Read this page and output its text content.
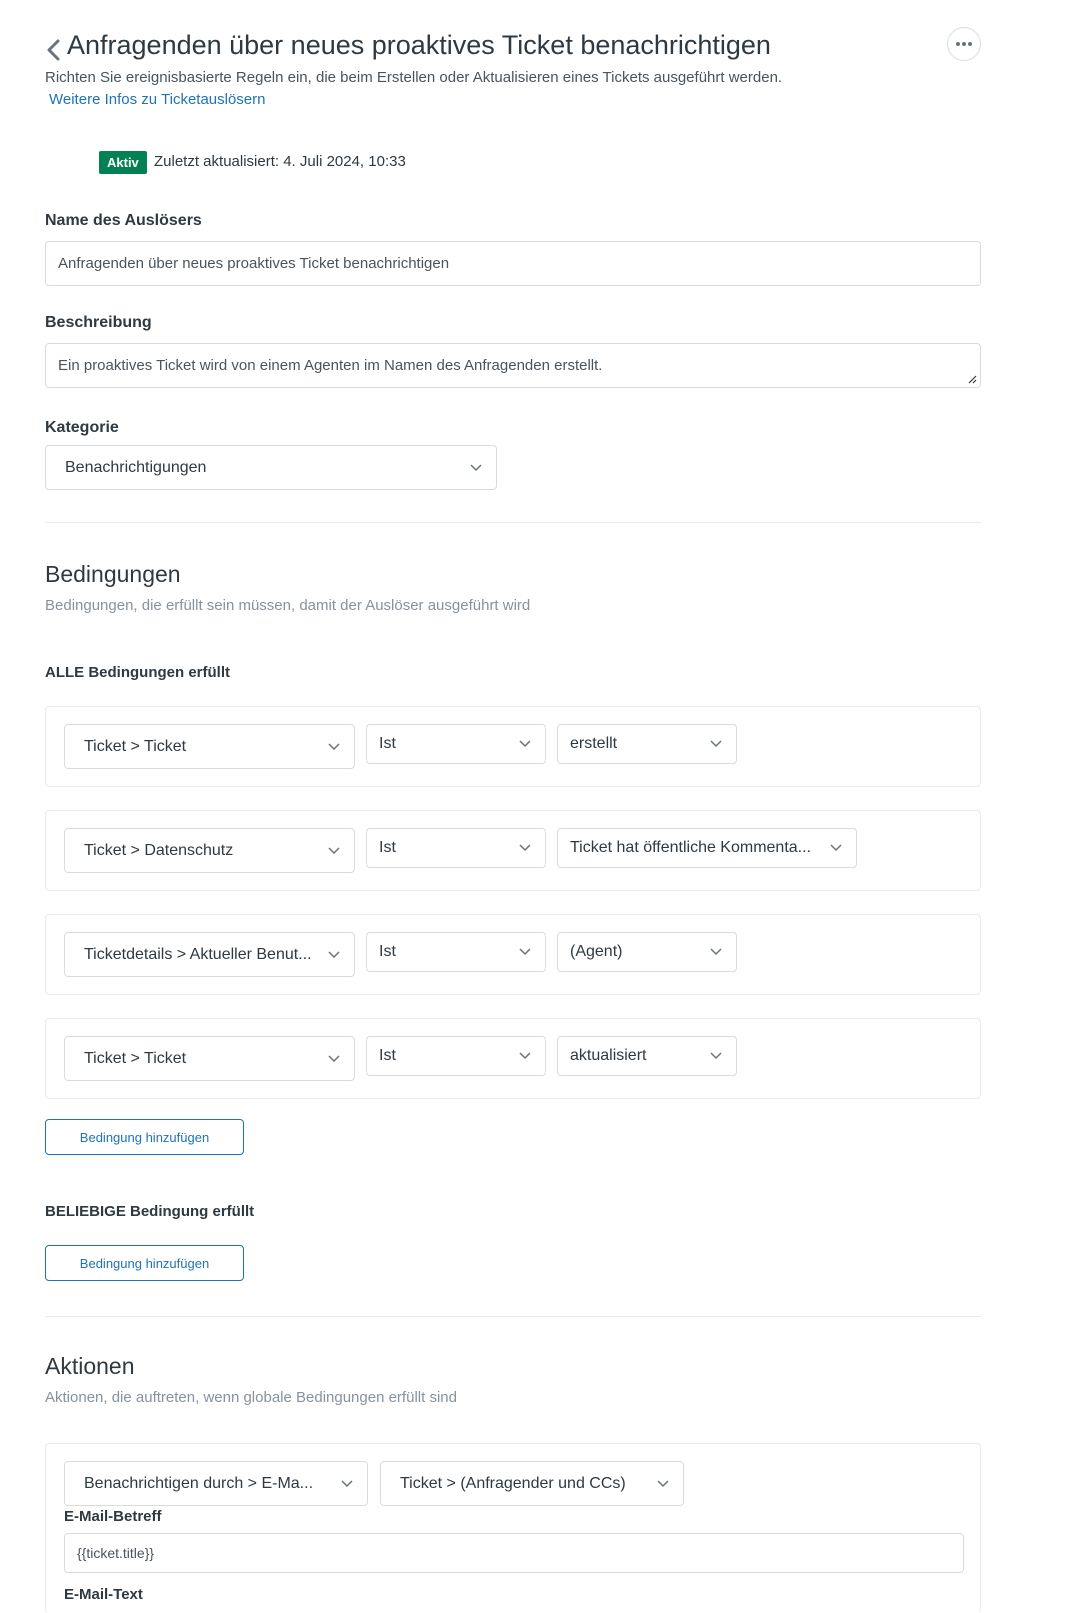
Anfragenden über neues proaktives Ticket benachrichtigen
Richten Sie ereignisbasierte Regeln ein, die beim Erstellen oder Aktualisieren eines Tickets ausgeführt werden.
Weitere Infos zu Ticketauslösern
Aktiv	Zuletzt aktualisiert: 4. Juli 2024, 10:33
Name des Auslösers
Anfragenden über neues proaktives Ticket benachrichtigen
Beschreibung
Ein proaktives Ticket wird von einem Agenten im Namen des Anfragenden erstellt.
Kategorie
Benachrichtigungen
Bedingungen
Bedingungen, die erfüllt sein müssen, damit der Auslöser ausgeführt wird
ALLE Bedingungen erfüllt
Ticket > Ticket	Ist	erstellt
Ticket > Datenschutz	Ist	Ticket hat öffentliche Kommenta...
Ticketdetails > Aktueller Benut...	Ist	(Agent)
Ticket > Ticket	Ist	aktualisiert
Bedingung hinzufügen
BELIEBIGE Bedingung erfüllt
Bedingung hinzufügen
Aktionen
Aktionen, die auftreten, wenn globale Bedingungen erfüllt sind
Benachrichtigen durch > E-Ma...	Ticket > (Anfragender und CCs)
E-Mail-Betreff
{{ticket.title}}
E-Mail-Text
